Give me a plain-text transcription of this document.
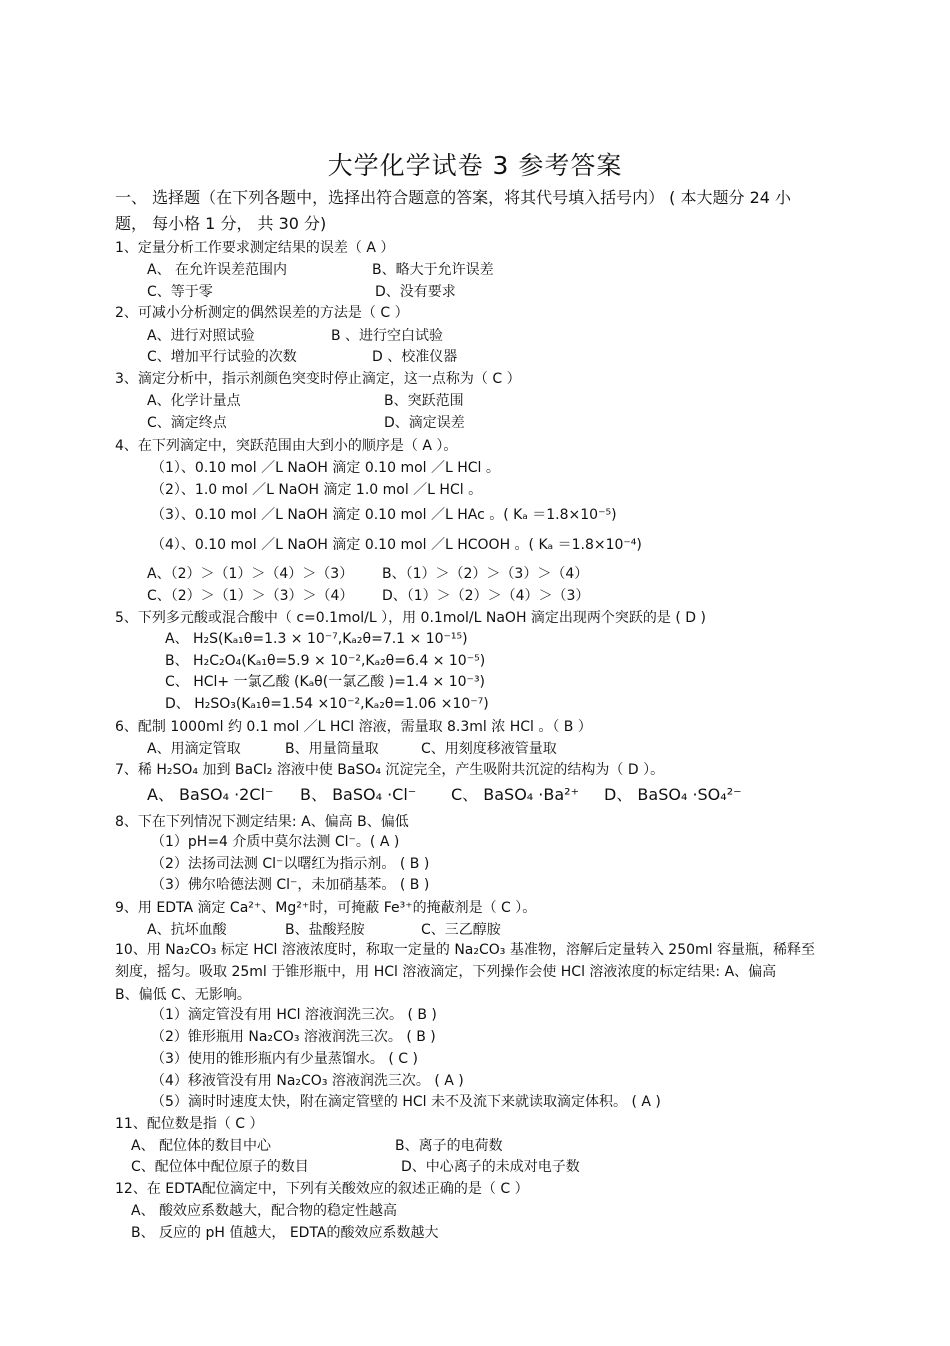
大学化学试卷 3 参考答案
一、 选择题（在下列各题中，选择出符合题意的答案，将其代号填入括号内） ( 本大题分 24 小
题， 每小格 1 分， 共 30 分)
1、定量分析工作要求测定结果的误差（ A ）
A、 在允许误差范围内	B、略大于允许误差
C、等于零	D、没有要求
2、可减小分析测定的偶然误差的方法是（ C ）
A、进行对照试验	B 、进行空白试验
C、增加平行试验的次数	D 、校准仪器
3、滴定分析中，指示剂颜色突变时停止滴定，这一点称为（ C ）
A、化学计量点	B、突跃范围
C、滴定终点	D、滴定误差
4、在下列滴定中，突跃范围由大到小的顺序是（ A ）。
（1）、0.10 mol ／L NaOH 滴定 0.10 mol ／L HCl 。
（2）、1.0 mol ／L NaOH 滴定 1.0 mol ／L HCl 。
（3）、0.10 mol ／L NaOH 滴定 0.10 mol ／L HAc 。( Kₐ ＝1.8×10⁻⁵)
（4）、0.10 mol ／L NaOH 滴定 0.10 mol ／L HCOOH 。( Kₐ ＝1.8×10⁻⁴)
A、（2）＞（1）＞（4）＞（3） B、（1）＞（2）＞（3）＞（4）
C、（2）＞（1）＞（3）＞（4） D、（1）＞（2）＞（4）＞（3）
5、下列多元酸或混合酸中（ c=0.1mol/L ），用 0.1mol/L NaOH 滴定出现两个突跃的是 ( D )
A、 H₂S(Kₐ₁θ=1.3 × 10⁻⁷,Kₐ₂θ=7.1 × 10⁻¹⁵)
B、 H₂C₂O₄(Kₐ₁θ=5.9 × 10⁻²,Kₐ₂θ=6.4 × 10⁻⁵)
C、 HCl+ 一氯乙酸 (Kₐθ(一氯乙酸 )=1.4 × 10⁻³)
D、 H₂SO₃(Kₐ₁θ=1.54 ×10⁻²,Kₐ₂θ=1.06 ×10⁻⁷)
6、配制 1000ml 约 0.1 mol ／L HCl 溶液，需量取 8.3ml 浓 HCl 。（ B ）
A、用滴定管取	B、用量筒量取	C、用刻度移液管量取
7、稀 H₂SO₄ 加到 BaCl₂ 溶液中使 BaSO₄ 沉淀完全，产生吸附共沉淀的结构为（ D ）。
A、 BaSO₄ ·2Cl⁻ B、 BaSO₄ ·Cl⁻ C、 BaSO₄ ·Ba²⁺ D、 BaSO₄ ·SO₄²⁻
8、下在下列情况下测定结果: A、偏高 B、偏低
（1）pH=4 介质中莫尔法测 Cl⁻。( A )
（2）法扬司法测 Cl⁻以曙红为指示剂。 ( B )
（3）佛尔哈德法测 Cl⁻，未加硝基苯。 ( B )
9、用 EDTA 滴定 Ca²⁺、Mg²⁺时，可掩蔽 Fe³⁺的掩蔽剂是（ C ）。
A、抗坏血酸	B、盐酸羟胺	C、三乙醇胺
10、用 Na₂CO₃ 标定 HCl 溶液浓度时，称取一定量的 Na₂CO₃ 基准物，溶解后定量转入 250ml 容量瓶，稀释至
刻度，摇匀。吸取 25ml 于锥形瓶中，用 HCl 溶液滴定，下列操作会使 HCl 溶液浓度的标定结果: A、偏高
B、偏低 C、无影响。
（1）滴定管没有用 HCl 溶液润洗三次。 ( B )
（2）锥形瓶用 Na₂CO₃ 溶液润洗三次。 ( B )
（3）使用的锥形瓶内有少量蒸馏水。 ( C )
（4）移液管没有用 Na₂CO₃ 溶液润洗三次。 ( A )
（5）滴时时速度太快，附在滴定管壁的 HCl 未不及流下来就读取滴定体积。 ( A )
11、配位数是指（ C ）
A、 配位体的数目中心	B、离子的电荷数
C、配位体中配位原子的数目	D、中心离子的未成对电子数
12、在 EDTA配位滴定中，下列有关酸效应的叙述正确的是（ C ）
A、 酸效应系数越大，配合物的稳定性越高
B、 反应的 pH 值越大， EDTA的酸效应系数越大
